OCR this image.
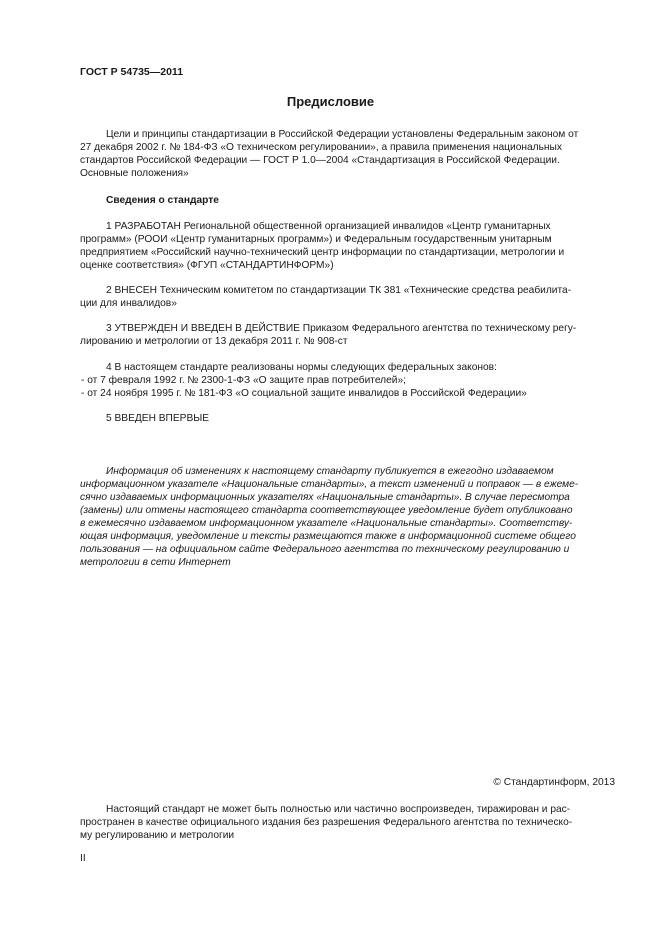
ГОСТ Р 54735—2011
Предисловие
Цели и принципы стандартизации в Российской Федерации установлены Федеральным законом от
27 декабря 2002 г. № 184-ФЗ «О техническом регулировании», а правила применения национальных
стандартов Российской Федерации — ГОСТ Р 1.0—2004 «Стандартизация в Российской Федерации.
Основные положения»
Сведения о стандарте
1 РАЗРАБОТАН Региональной общественной организацией инвалидов «Центр гуманитарных
программ» (РООИ «Центр гуманитарных программ») и Федеральным государственным унитарным
предприятием «Российский научно-технический центр информации по стандартизации, метрологии и
оценке соответствия» (ФГУП «СТАНДАРТИНФОРМ»)
2 ВНЕСЕН Техническим комитетом по стандартизации ТК 381 «Технические средства реабилита-
ции для инвалидов»
3 УТВЕРЖДЕН И ВВЕДЕН В ДЕЙСТВИЕ Приказом Федерального агентства по техническому регу-
лированию и метрологии от 13 декабря 2011 г. № 908-ст
4 В настоящем стандарте реализованы нормы следующих федеральных законов:
- от 7 февраля 1992 г. № 2300-1-ФЗ «О защите прав потребителей»;
- от 24 ноября 1995 г. № 181-ФЗ «О социальной защите инвалидов в Российской Федерации»
5 ВВЕДЕН ВПЕРВЫЕ
Информация об изменениях к настоящему стандарту публикуется в ежегодно издаваемом
информационном указателе «Национальные стандарты», а текст изменений и поправок — в ежеме-
сячно издаваемых информационных указателях «Национальные стандарты». В случае пересмотра
(замены) или отмены настоящего стандарта соответствующее уведомление будет опубликовано
в ежемесячно издаваемом информационном указателе «Национальные стандарты». Соответству-
ющая информация, уведомление и тексты размещаются также в информационной системе общего
пользования — на официальном сайте Федерального агентства по техническому регулированию и
метрологии в сети Интернет
© Стандартинформ, 2013
Настоящий стандарт не может быть полностью или частично воспроизведен, тиражирован и рас-
пространен в качестве официального издания без разрешения Федерального агентства по техническо-
му регулированию и метрологии
II
